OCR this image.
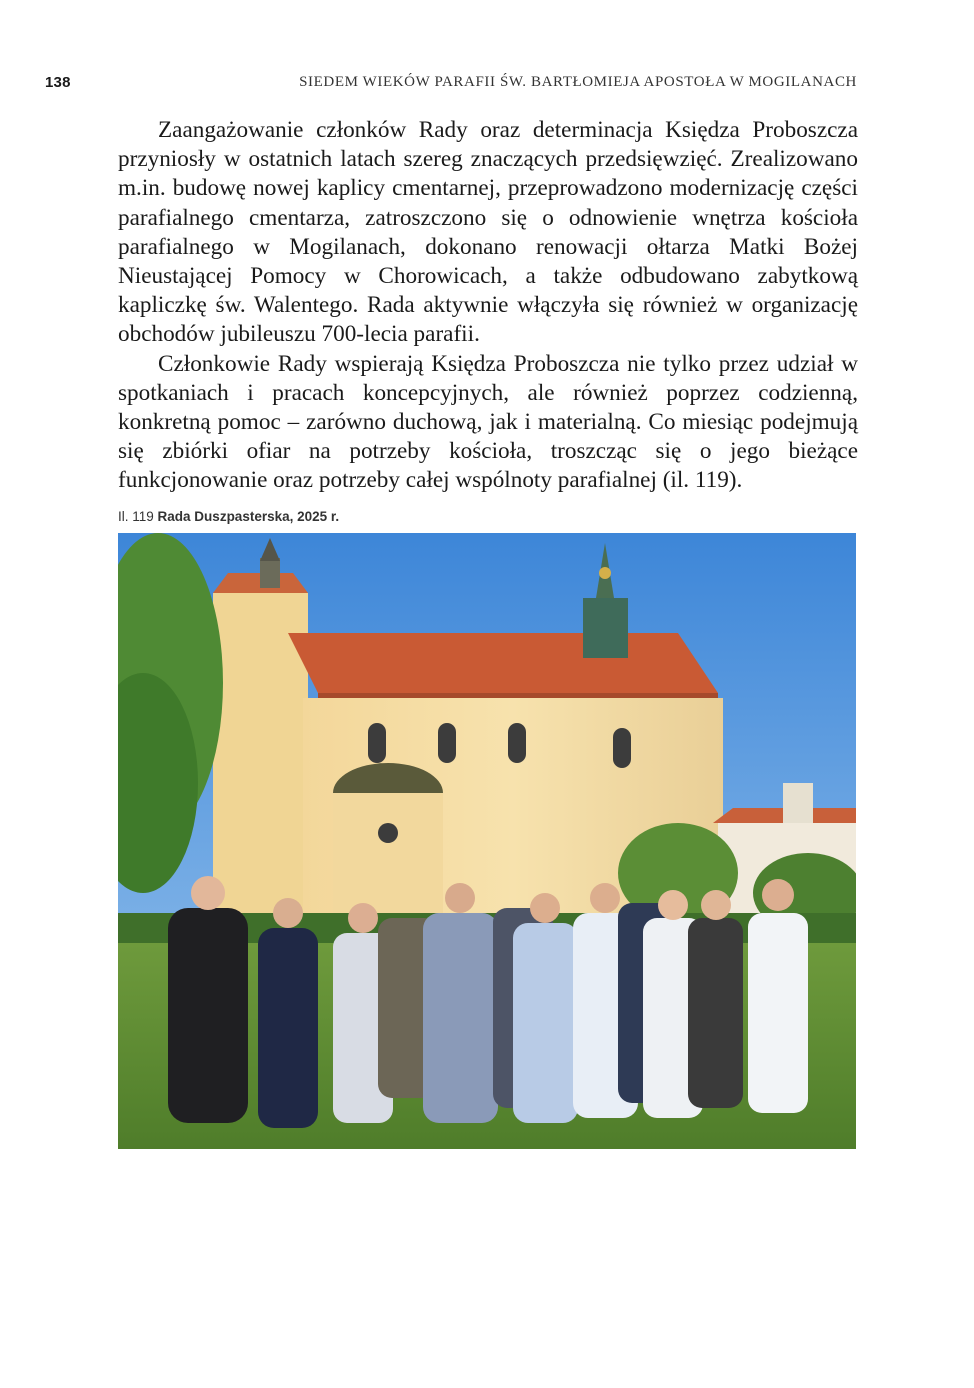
138	SIEDEM WIEKÓW PARAFII ŚW. BARTŁOMIEJA APOSTOŁA W MOGILANACH

Zaangażowanie członków Rady oraz determinacja Księdza Proboszcza przyniosły w ostatnich latach szereg znaczących przedsięwzięć. Zrealizowano m.in. budowę nowej kaplicy cmentarnej, przeprowadzono modernizację części parafialnego cmentarza, zatroszczono się o odnowienie wnętrza kościoła parafialnego w Mogilanach, dokonano renowacji ołtarza Matki Bożej Nieustającej Pomocy w Chorowicach, a także odbudowano zabytkową kapliczkę św. Walentego. Rada aktywnie włączyła się również w organizację obchodów jubileuszu 700-lecia parafii.

Członkowie Rady wspierają Księdza Proboszcza nie tylko przez udział w spotkaniach i pracach koncepcyjnych, ale również poprzez codzienną, konkretną pomoc – zarówno duchową, jak i materialną. Co miesiąc podejmują się zbiórki ofiar na potrzeby kościoła, troszcząc się o jego bieżące funkcjonowanie oraz potrzeby całej wspólnoty parafialnej (il. 119).

Il. 119 Rada Duszpasterska, 2025 r.
